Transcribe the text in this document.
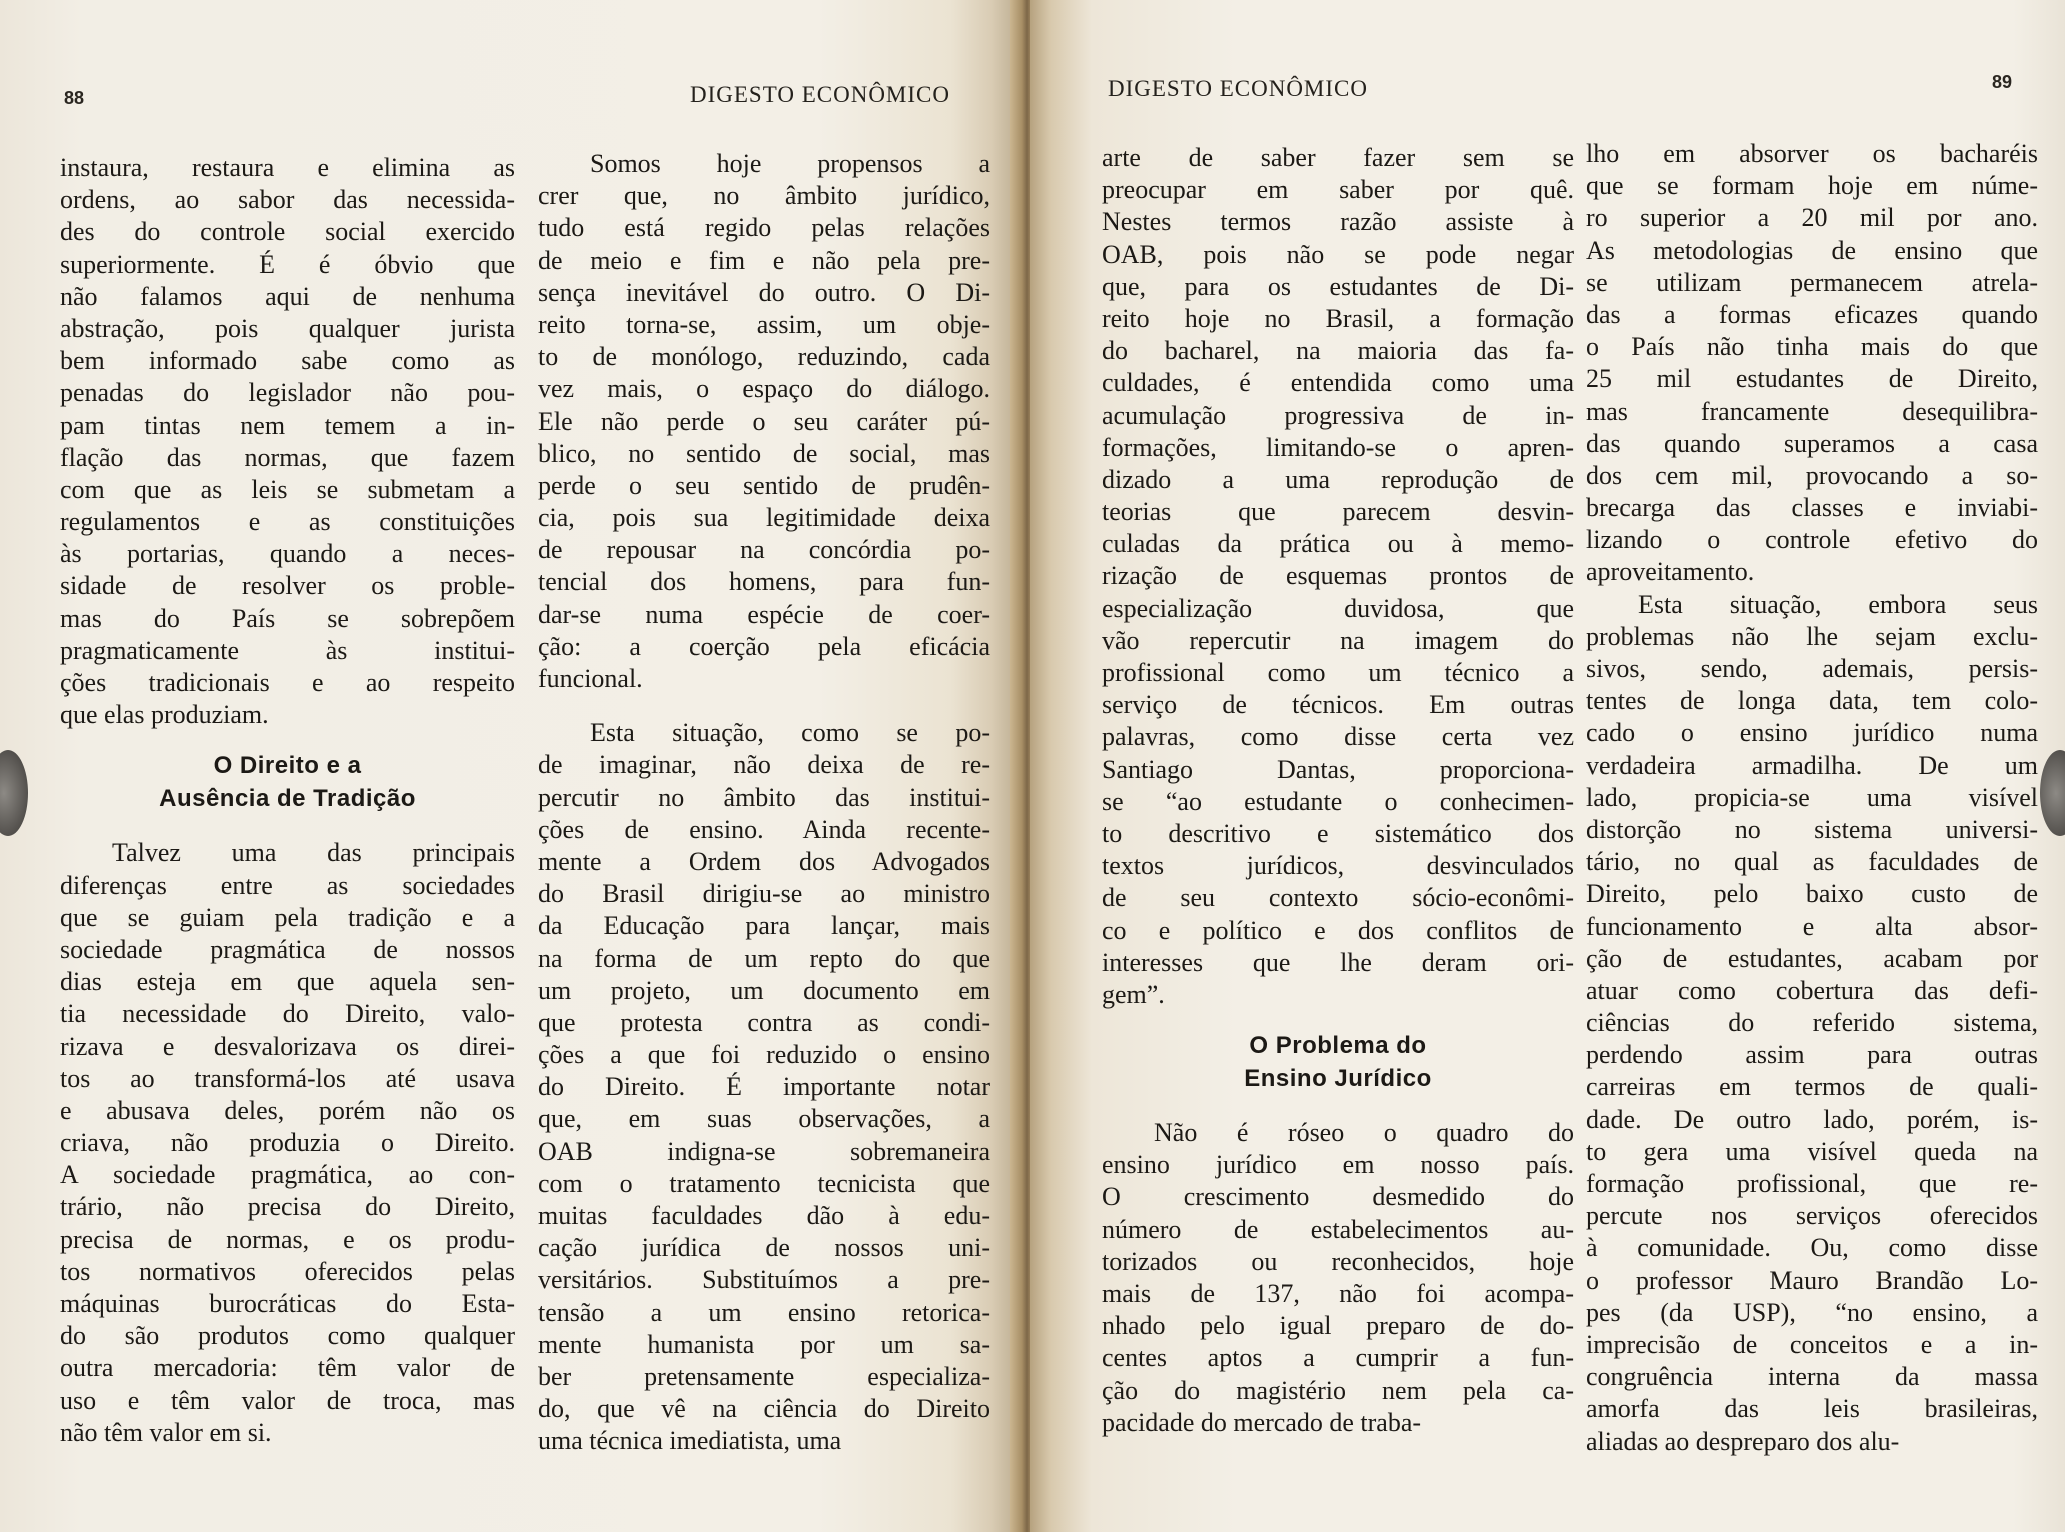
88	DIGESTO ECONÔMICO
instaura, restaura e elimina as
ordens, ao sabor das necessida-
des do controle social exercido
superiormente. É é óbvio que
não falamos aqui de nenhuma
abstração, pois qualquer jurista
bem informado sabe como as
penadas do legislador não pou-
pam tintas nem temem a in-
flação das normas, que fazem
com que as leis se submetam a
regulamentos e as constituições
às portarias, quando a neces-
sidade de resolver os proble-
mas do País se sobrepõem
pragmaticamente às institui-
ções tradicionais e ao respeito
que elas produziam.
O Direito e a
Ausência de Tradição
Talvez uma das principais
diferenças entre as sociedades
que se guiam pela tradição e a
sociedade pragmática de nossos
dias esteja em que aquela sen-
tia necessidade do Direito, valo-
rizava e desvalorizava os direi-
tos ao transformá-los até usava
e abusava deles, porém não os
criava, não produzia o Direito.
A sociedade pragmática, ao con-
trário, não precisa do Direito,
precisa de normas, e os produ-
tos normativos oferecidos pelas
máquinas burocráticas do Esta-
do são produtos como qualquer
outra mercadoria: têm valor de
uso e têm valor de troca, mas
não têm valor em si.
Somos hoje propensos a
crer que, no âmbito jurídico,
tudo está regido pelas relações
de meio e fim e não pela pre-
sença inevitável do outro. O Di-
reito torna-se, assim, um obje-
to de monólogo, reduzindo, cada
vez mais, o espaço do diálogo.
Ele não perde o seu caráter pú-
blico, no sentido de social, mas
perde o seu sentido de prudên-
cia, pois sua legitimidade deixa
de repousar na concórdia po-
tencial dos homens, para fun-
dar-se numa espécie de coer-
ção: a coerção pela eficácia
funcional.
Esta situação, como se po-
de imaginar, não deixa de re-
percutir no âmbito das institui-
ções de ensino. Ainda recente-
mente a Ordem dos Advogados
do Brasil dirigiu-se ao ministro
da Educação para lançar, mais
na forma de um repto do que
um projeto, um documento em
que protesta contra as condi-
ções a que foi reduzido o ensino
do Direito. É importante notar
que, em suas observações, a
OAB indigna-se sobremaneira
com o tratamento tecnicista que
muitas faculdades dão à edu-
cação jurídica de nossos uni-
versitários. Substituímos a pre-
tensão a um ensino retorica-
mente humanista por um sa-
ber pretensamente especializa-
do, que vê na ciência do Direito
uma técnica imediatista, uma
DIGESTO ECONÔMICO	89
arte de saber fazer sem se
preocupar em saber por quê.
Nestes termos razão assiste à
OAB, pois não se pode negar
que, para os estudantes de Di-
reito hoje no Brasil, a formação
do bacharel, na maioria das fa-
culdades, é entendida como uma
acumulação progressiva de in-
formações, limitando-se o apren-
dizado a uma reprodução de
teorias que parecem desvin-
culadas da prática ou à memo-
rização de esquemas prontos de
especialização duvidosa, que
vão repercutir na imagem do
profissional como um técnico a
serviço de técnicos. Em outras
palavras, como disse certa vez
Santiago Dantas, proporciona-
se “ao estudante o conhecimen-
to descritivo e sistemático dos
textos jurídicos, desvinculados
de seu contexto sócio-econômi-
co e político e dos conflitos de
interesses que lhe deram ori-
gem”.
O Problema do
Ensino Jurídico
Não é róseo o quadro do
ensino jurídico em nosso país.
O crescimento desmedido do
número de estabelecimentos au-
torizados ou reconhecidos, hoje
mais de 137, não foi acompa-
nhado pelo igual preparo de do-
centes aptos a cumprir a fun-
ção do magistério nem pela ca-
pacidade do mercado de traba-
lho em absorver os bacharéis
que se formam hoje em núme-
ro superior a 20 mil por ano.
As metodologias de ensino que
se utilizam permanecem atrela-
das a formas eficazes quando
o País não tinha mais do que
25 mil estudantes de Direito,
mas francamente desequilibra-
das quando superamos a casa
dos cem mil, provocando a so-
brecarga das classes e inviabi-
lizando o controle efetivo do
aproveitamento.
Esta situação, embora seus
problemas não lhe sejam exclu-
sivos, sendo, ademais, persis-
tentes de longa data, tem colo-
cado o ensino jurídico numa
verdadeira armadilha. De um
lado, propicia-se uma visível
distorção no sistema universi-
tário, no qual as faculdades de
Direito, pelo baixo custo de
funcionamento e alta absor-
ção de estudantes, acabam por
atuar como cobertura das defi-
ciências do referido sistema,
perdendo assim para outras
carreiras em termos de quali-
dade. De outro lado, porém, is-
to gera uma visível queda na
formação profissional, que re-
percute nos serviços oferecidos
à comunidade. Ou, como disse
o professor Mauro Brandão Lo-
pes (da USP), “no ensino, a
imprecisão de conceitos e a in-
congruência interna da massa
amorfa das leis brasileiras,
aliadas ao despreparo dos alu-
